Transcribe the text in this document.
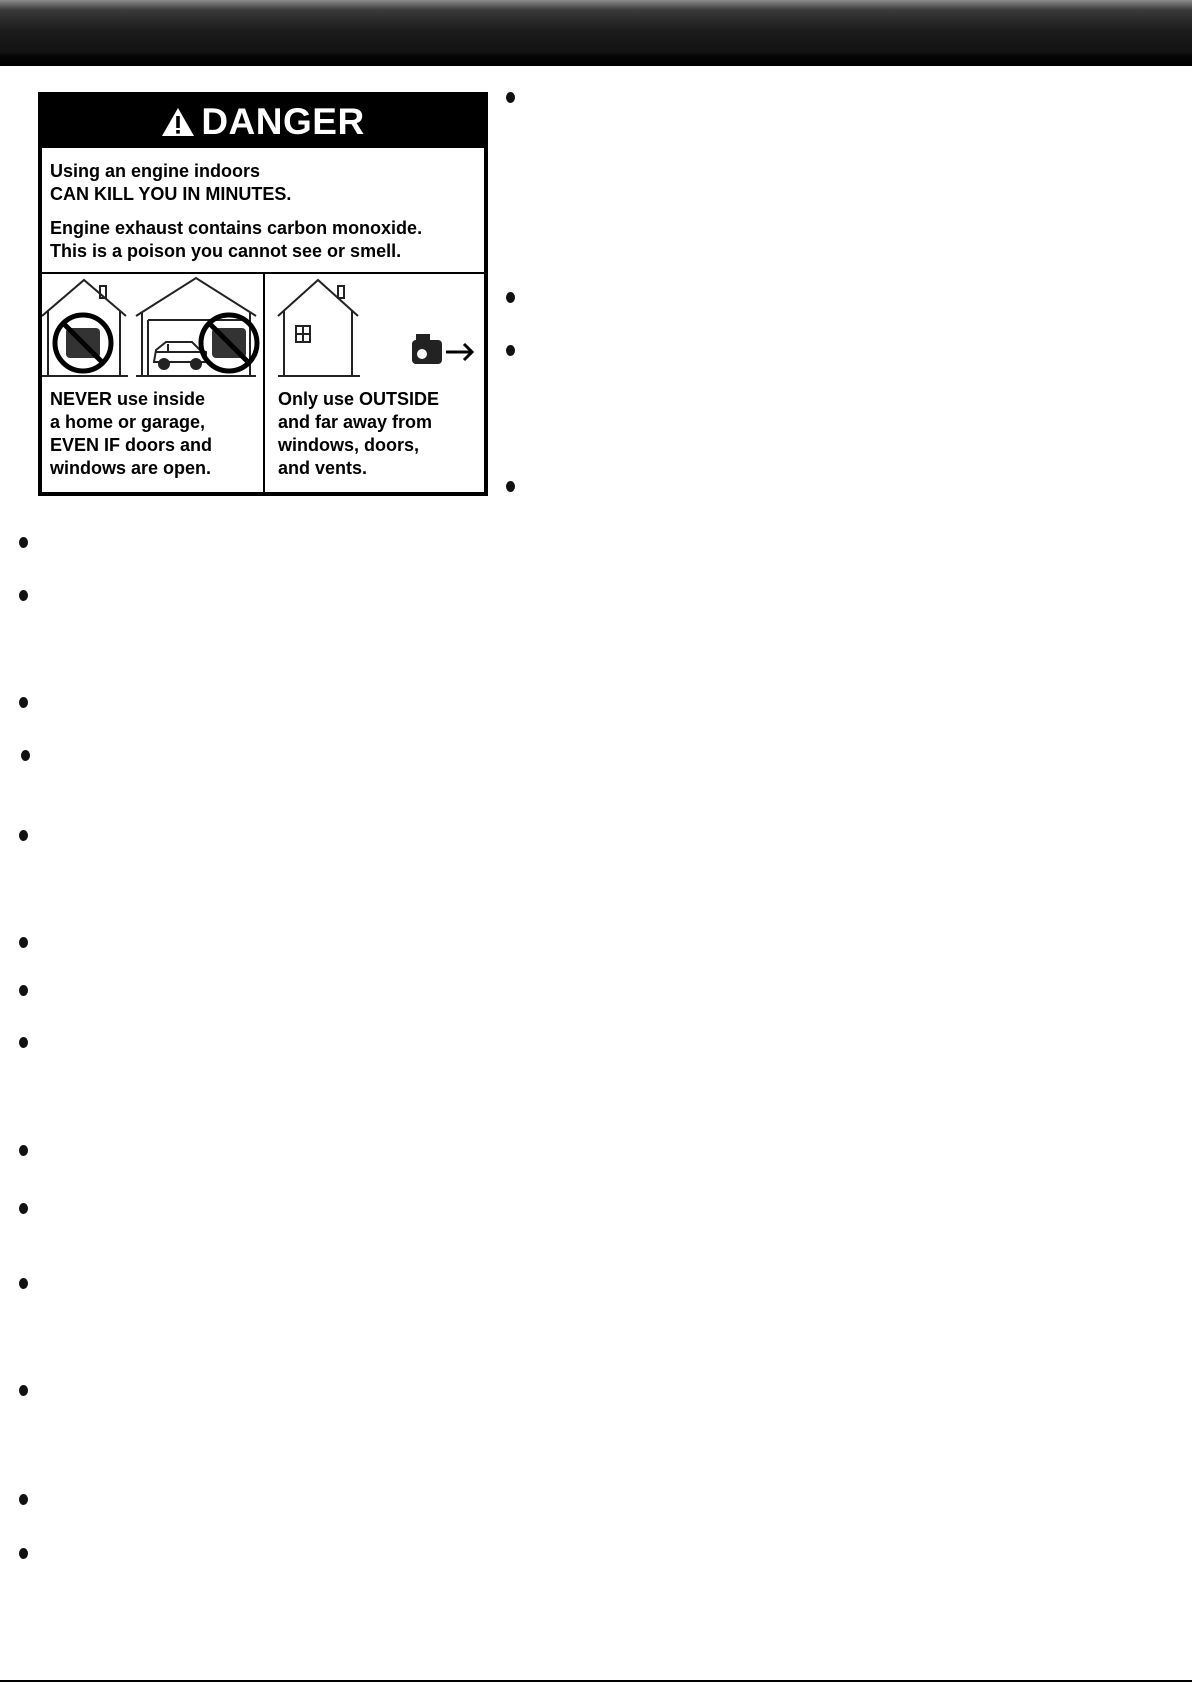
DANGER

Using an engine indoors
CAN KILL YOU IN MINUTES.

Engine exhaust contains carbon monoxide.
This is a poison you cannot see or smell.

NEVER use inside
a home or garage,
EVEN IF doors and
windows are open.
Only use OUTSIDE
and far away from
windows, doors,
and vents.
